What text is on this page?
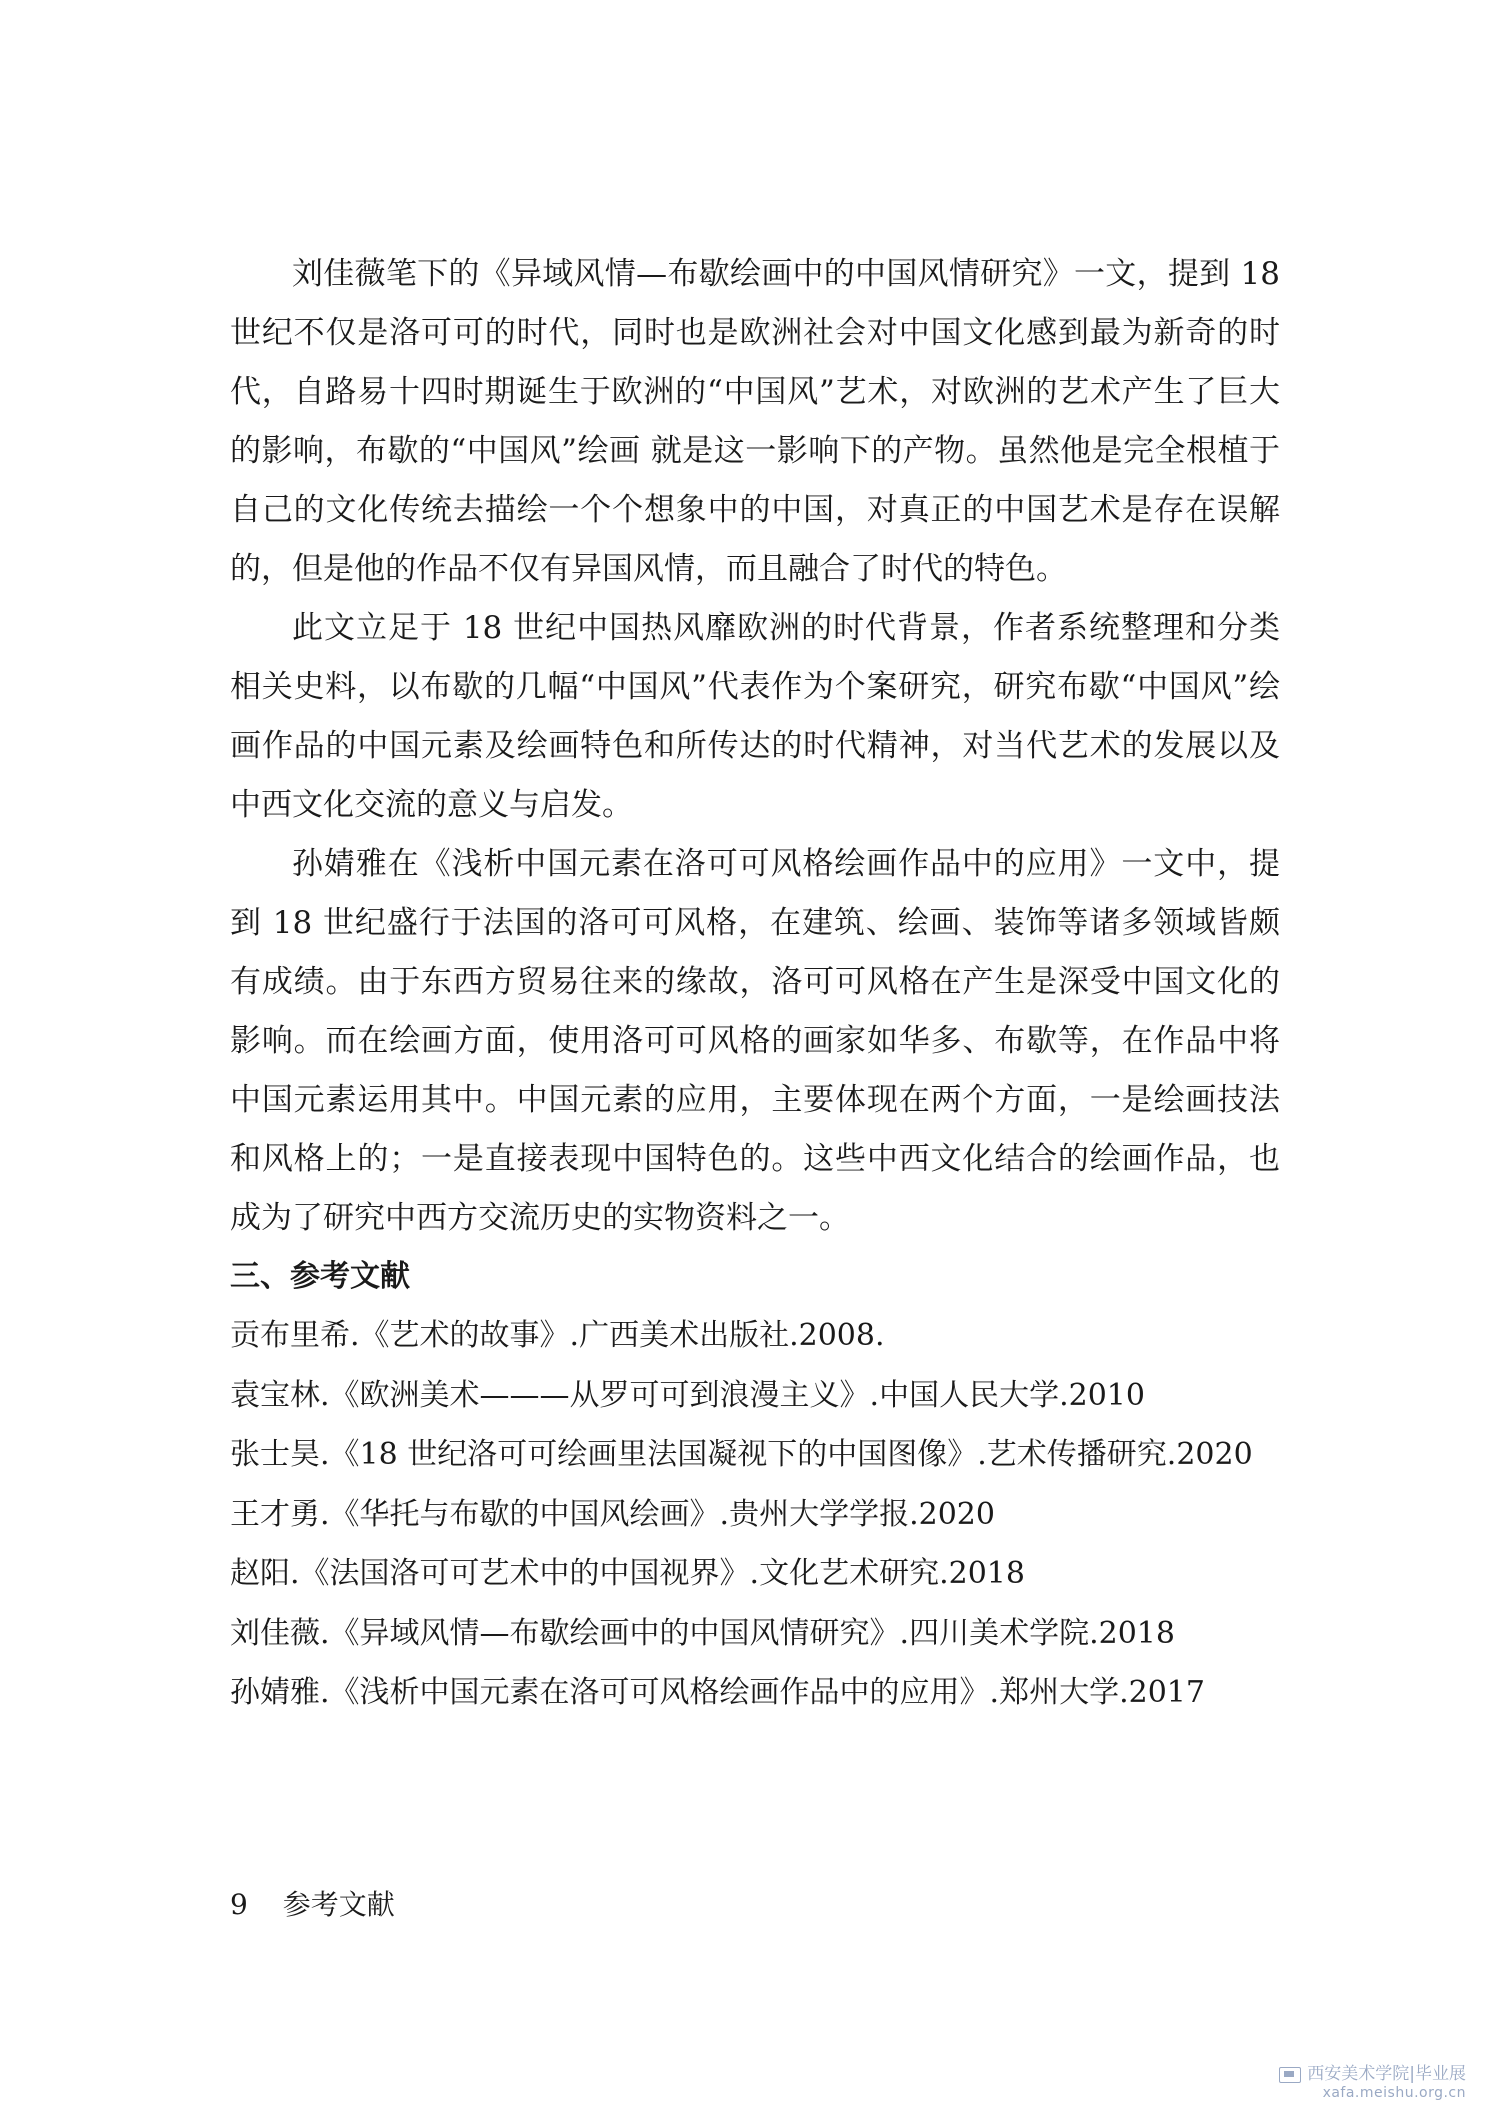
刘佳薇笔下的《异域风情—布歇绘画中的中国风情研究》一文，提到 18 世纪不仅是洛可可的时代，同时也是欧洲社会对中国文化感到最为新奇的时代，自路易十四时期诞生于欧洲的“中国风”艺术，对欧洲的艺术产生了巨大的影响，布歇的“中国风”绘画 就是这一影响下的产物。虽然他是完全根植于自己的文化传统去描绘一个个想象中的中国，对真正的中国艺术是存在误解的，但是他的作品不仅有异国风情，而且融合了时代的特色。

此文立足于 18 世纪中国热风靡欧洲的时代背景，作者系统整理和分类相关史料，以布歇的几幅“中国风”代表作为个案研究，研究布歇“中国风”绘画作品的中国元素及绘画特色和所传达的时代精神，对当代艺术的发展以及中西文化交流的意义与启发。

孙婧雅在《浅析中国元素在洛可可风格绘画作品中的应用》一文中，提到 18 世纪盛行于法国的洛可可风格，在建筑、绘画、装饰等诸多领域皆颇有成绩。由于东西方贸易往来的缘故，洛可可风格在产生是深受中国文化的影响。而在绘画方面，使用洛可可风格的画家如华多、布歇等，在作品中将中国元素运用其中。中国元素的应用，主要体现在两个方面，一是绘画技法和风格上的；一是直接表现中国特色的。这些中西文化结合的绘画作品，也成为了研究中西方交流历史的实物资料之一。

三、参考文献
贡布里希.《艺术的故事》.广西美术出版社.2008.
袁宝林.《欧洲美术———从罗可可到浪漫主义》.中国人民大学.2010
张士昊.《18 世纪洛可可绘画里法国凝视下的中国图像》.艺术传播研究.2020
王才勇.《华托与布歇的中国风绘画》.贵州大学学报.2020
赵阳.《法国洛可可艺术中的中国视界》.文化艺术研究.2018
刘佳薇.《异域风情—布歇绘画中的中国风情研究》.四川美术学院.2018
孙婧雅.《浅析中国元素在洛可可风格绘画作品中的应用》.郑州大学.2017
9 参考文献
西安美术学院|毕业展
xafa.meishu.org.cn
